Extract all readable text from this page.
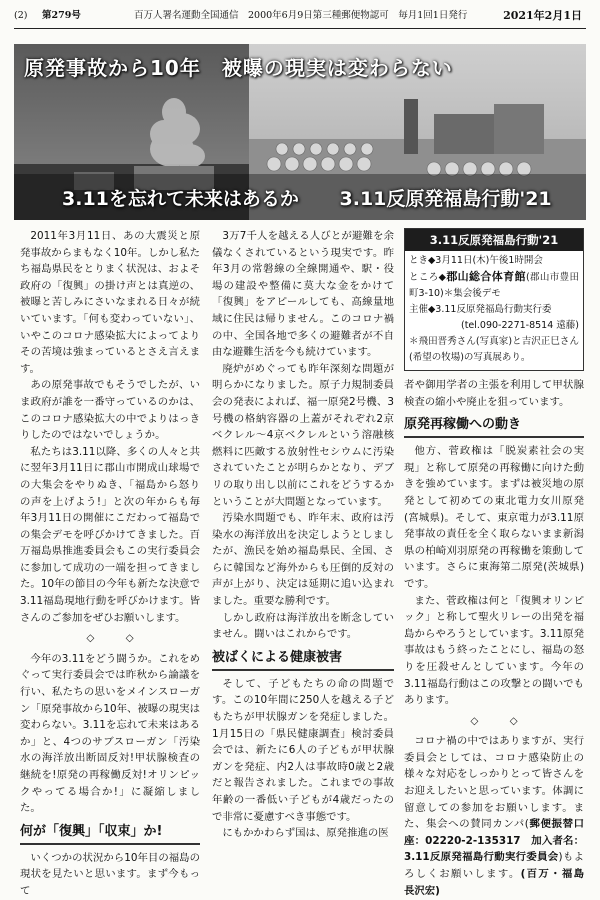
(2) 第279号	百万人署名運動全国通信　2000年6月9日第三種郵便物認可　毎月1回1日発行	2021年2月1日
原発事故から10年　被曝の現実は変わらない
3.11を忘れて未来はあるか 3.11反原発福島行動'21

2011年3月11日、あの大震災と原発事故からまもなく10年。しかし私たち福島県民をとりまく状況は、およそ政府の「復興」の掛け声とは真逆の、被曝と苦しみにさいなまれる日々が続いています。「何も変わっていない」、いやこのコロナ感染拡大によってよりその苦境は強まっているとさえ言えます。

あの原発事故でもそうでしたが、いま政府が誰を一番守っているのかは、このコロナ感染拡大の中でよりはっきりしたのではないでしょうか。

私たちは3.11以降、多くの人々と共に翌年3月11日に郡山市開成山球場での大集会をやりぬき、「福島から怒りの声を上げよう!」と次の年からも毎年3月11日の開催にこだわって福島での集会デモを呼びかけてきました。百万福島県推進委員会もこの実行委員会に参加して成功の一端を担ってきました。10年の節目の今年も新たな決意で3.11福島現地行動を呼びかけます。皆さんのご参加をぜひお願いします。

◇　　　◇

今年の3.11をどう闘うか。これをめぐって実行委員会では昨秋から論議を行い、私たちの思いをメインスローガン「原発事故から10年、被曝の現実は変わらない。3.11を忘れて未来はあるか」と、4つのサブスローガン「汚染水の海洋放出断固反対!甲状腺検査の継続を!原発の再稼働反対!オリンピックやってる場合か!」に凝縮しました。

何が「復興」「収束」か!

いくつかの状況から10年目の福島の現状を見たいと思います。まず今もって

3万7千人を越える人びとが避難を余儀なくされているという現実です。昨年3月の常磐線の全線開通や、駅・役場の建設や整備に莫大な金をかけて「復興」をアピールしても、高線量地域に住民は帰りません。このコロナ禍の中、全国各地で多くの避難者が不自由な避難生活を今も続けています。

廃炉がめぐっても昨年深刻な問題が明らかになりました。原子力規制委員会の発表によれば、福一原発2号機、3号機の格納容器の上蓋がそれぞれ2京ベクレル～4京ベクレルという溶融核燃料に匹敵する放射性セシウムに汚染されていたことが明らかとなり、デブリの取り出し以前にこれをどうするかということが大問題となっています。

汚染水問題でも、昨年末、政府は汚染水の海洋放出を決定しようとしましたが、漁民を始め福島県民、全国、さらに韓国など海外からも圧倒的反対の声が上がり、決定は延期に追い込まれました。重要な勝利です。

しかし政府は海洋放出を断念していません。闘いはこれからです。

被ばくによる健康被害

そして、子どもたちの命の問題です。この10年間に250人を越える子どもたちが甲状腺ガンを発症しました。1月15日の「県民健康調査」検討委員会では、新たに6人の子どもが甲状腺ガンを発症、内2人は事故時0歳と2歳だと報告されました。これまでの事故年齢の一番低い子どもが4歳だったので非常に憂慮すべき事態です。

にもかかわらず国は、原発推進の医

3.11反原発福島行動'21
とき◆3月11日(木)午後1時開会
ところ◆郡山総合体育館(郡山市豊田町3-10)＊集会後デモ
主催◆3.11反原発福島行動実行委
(tel.090-2271-8514 遠藤)
＊飛田晋秀さん(写真家)と吉沢正巳さん(希望の牧場)の写真展あり。

者や御用学者の主張を利用して甲状腺検査の縮小や廃止を狙っています。

原発再稼働への動き

他方、菅政権は「脱炭素社会の実現」と称して原発の再稼働に向けた動きを強めています。まずは被災地の原発として初めての東北電力女川原発(宮城県)。そして、東京電力が3.11原発事故の責任を全く取らないまま新潟県の柏崎刈羽原発の再稼働を策動しています。さらに東海第二原発(茨城県)です。

また、菅政権は何と「復興オリンピック」と称して聖火リレーの出発を福島からやろうとしています。3.11原発事故はもう終ったことにし、福島の怒りを圧殺せんとしています。今年の3.11福島行動はこの攻撃との闘いでもあります。

◇　　　◇

コロナ禍の中ではありますが、実行委員会としては、コロナ感染防止の様々な対応をしっかりとって皆さんをお迎えしたいと思っています。体調に留意しての参加をお願いします。また、集会への賛同カンパ(郵便振替口座：02220-2-135317　加入者名：3.11反原発福島行動実行委員会)もよろしくお願いします。(百万・福島　長沢宏)
